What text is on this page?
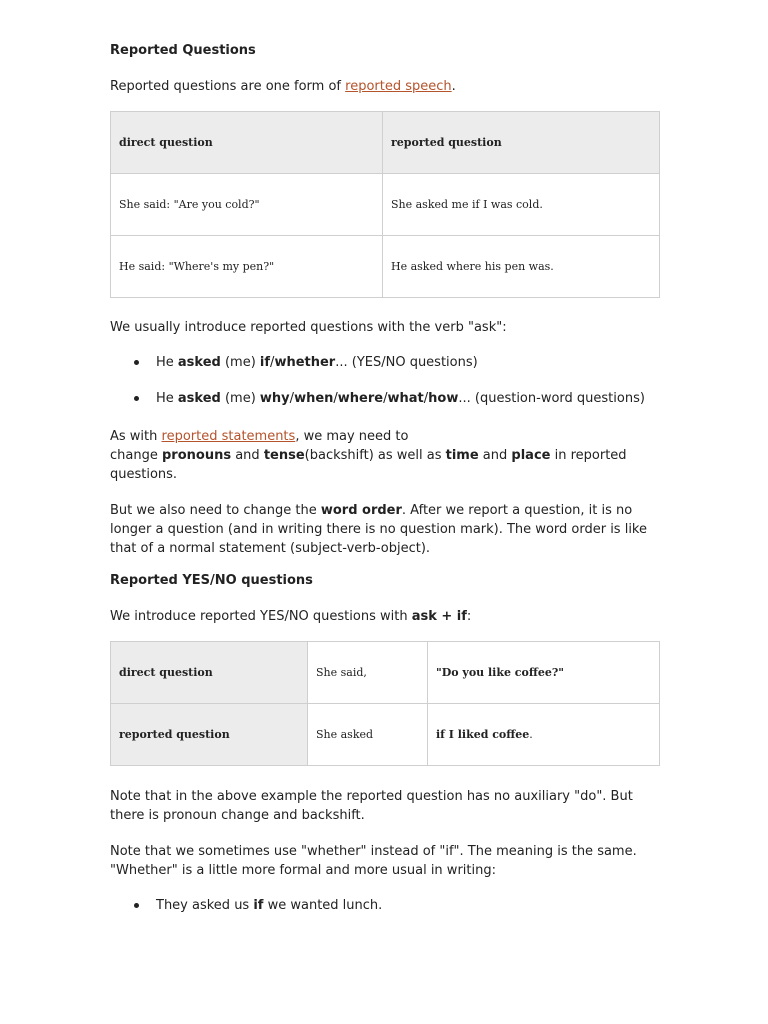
Reported Questions

Reported questions are one form of reported speech.

direct question	reported question
She said: "Are you cold?"	She asked me if I was cold.
He said: "Where's my pen?"	He asked where his pen was.

We usually introduce reported questions with the verb "ask":

He asked (me) if/whether... (YES/NO questions)
He asked (me) why/when/where/what/how... (question-word questions)

As with reported statements, we may need to
change pronouns and tense(backshift) as well as time and place in reported questions.

But we also need to change the word order. After we report a question, it is no longer a question (and in writing there is no question mark). The word order is like that of a normal statement (subject-verb-object).

Reported YES/NO questions

We introduce reported YES/NO questions with ask + if:

direct question	She said,	"Do you like coffee?"
reported question	She asked	if I liked coffee.

Note that in the above example the reported question has no auxiliary "do". But there is pronoun change and backshift.

Note that we sometimes use "whether" instead of "if". The meaning is the same. "Whether" is a little more formal and more usual in writing:

They asked us if we wanted lunch.
